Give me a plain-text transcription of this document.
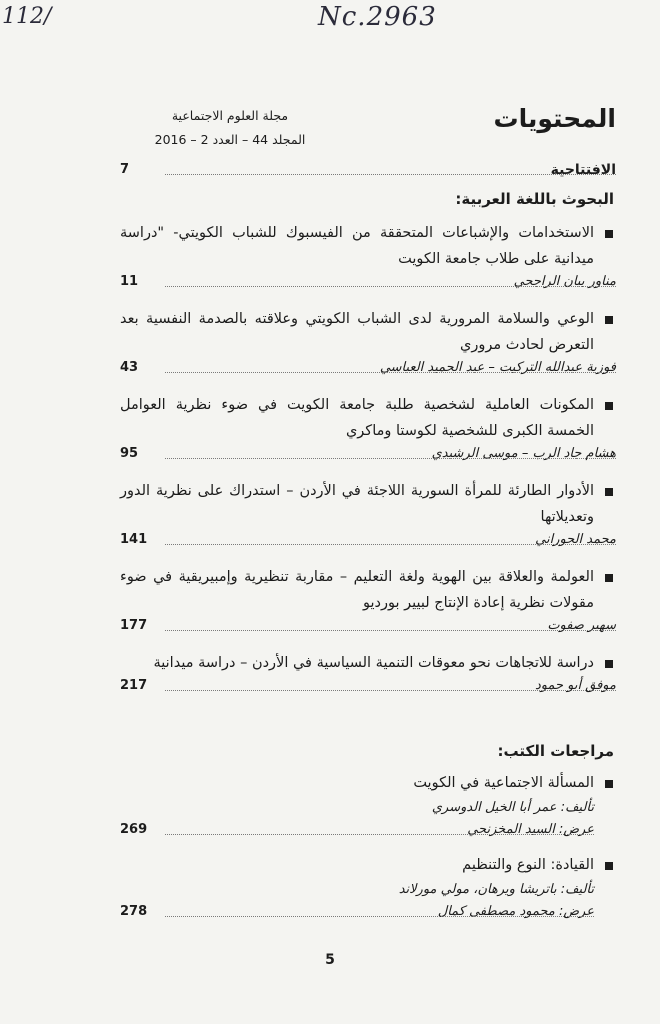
112/	Nc.2963
المحتويات
مجلة العلوم الاجتماعية
المجلد 44 – العدد 2 – 2016
الافتتاحية
7
البحوث باللغة العربية:
الاستخدامات والإشباعات المتحققة من الفيسبوك للشباب الكويتي- "دراسة ميدانية على طلاب جامعة الكويت
مناور بيان الراجحي
11
الوعي والسلامة المرورية لدى الشباب الكويتي وعلاقته بالصدمة النفسية بعد التعرض لحادث مروري
فوزية عبدالله التركيت – عبد الحميد العباسي
43
المكونات العاملية لشخصية طلبة جامعة الكويت في ضوء نظرية العوامل الخمسة الكبرى للشخصية لكوستا وماكري
هشام جاد الرب – موسى الرشيدي
95
الأدوار الطارئة للمرأة السورية اللاجئة في الأردن – استدراك على نظرية الدور وتعديلاتها
محمد الحوراني
141
العولمة والعلاقة بين الهوية ولغة التعليم – مقاربة تنظيرية وإمبيريقية في ضوء مقولات نظرية إعادة الإنتاج لبيير بورديو
سهير صفوت
177
دراسة للاتجاهات نحو معوقات التنمية السياسية في الأردن – دراسة ميدانية
موفق أبو حمود
217
مراجعات الكتب:
المسألة الاجتماعية في الكويت
تأليف: عمر أبا الخيل الدوسري
عرض: السيد المخزنجي
269
القيادة: النوع والتنظيم
تأليف: باتريشا ويرهان، مولي مورلاند
عرض: محمود مصطفى كمال
278
5
